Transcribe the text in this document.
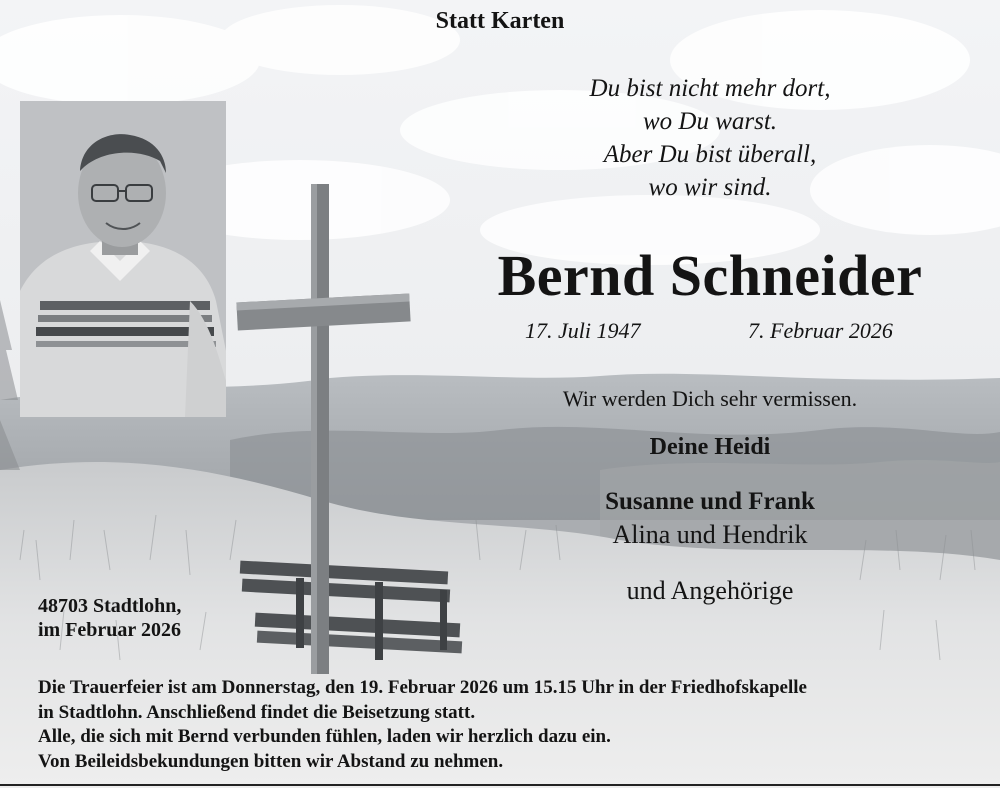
Statt Karten
Du bist nicht mehr dort,
wo Du warst.
Aber Du bist überall,
wo wir sind.
Bernd Schneider
17. Juli 1947	7. Februar 2026
Wir werden Dich sehr vermissen.
Deine Heidi
Susanne und Frank
Alina und Hendrik
und Angehörige
48703 Stadtlohn,
im Februar 2026
Die Trauerfeier ist am Donnerstag, den 19. Februar 2026 um 15.15 Uhr in der Friedhofskapelle
in Stadtlohn. Anschließend findet die Beisetzung statt.
Alle, die sich mit Bernd verbunden fühlen, laden wir herzlich dazu ein.
Von Beileidsbekundungen bitten wir Abstand zu nehmen.
